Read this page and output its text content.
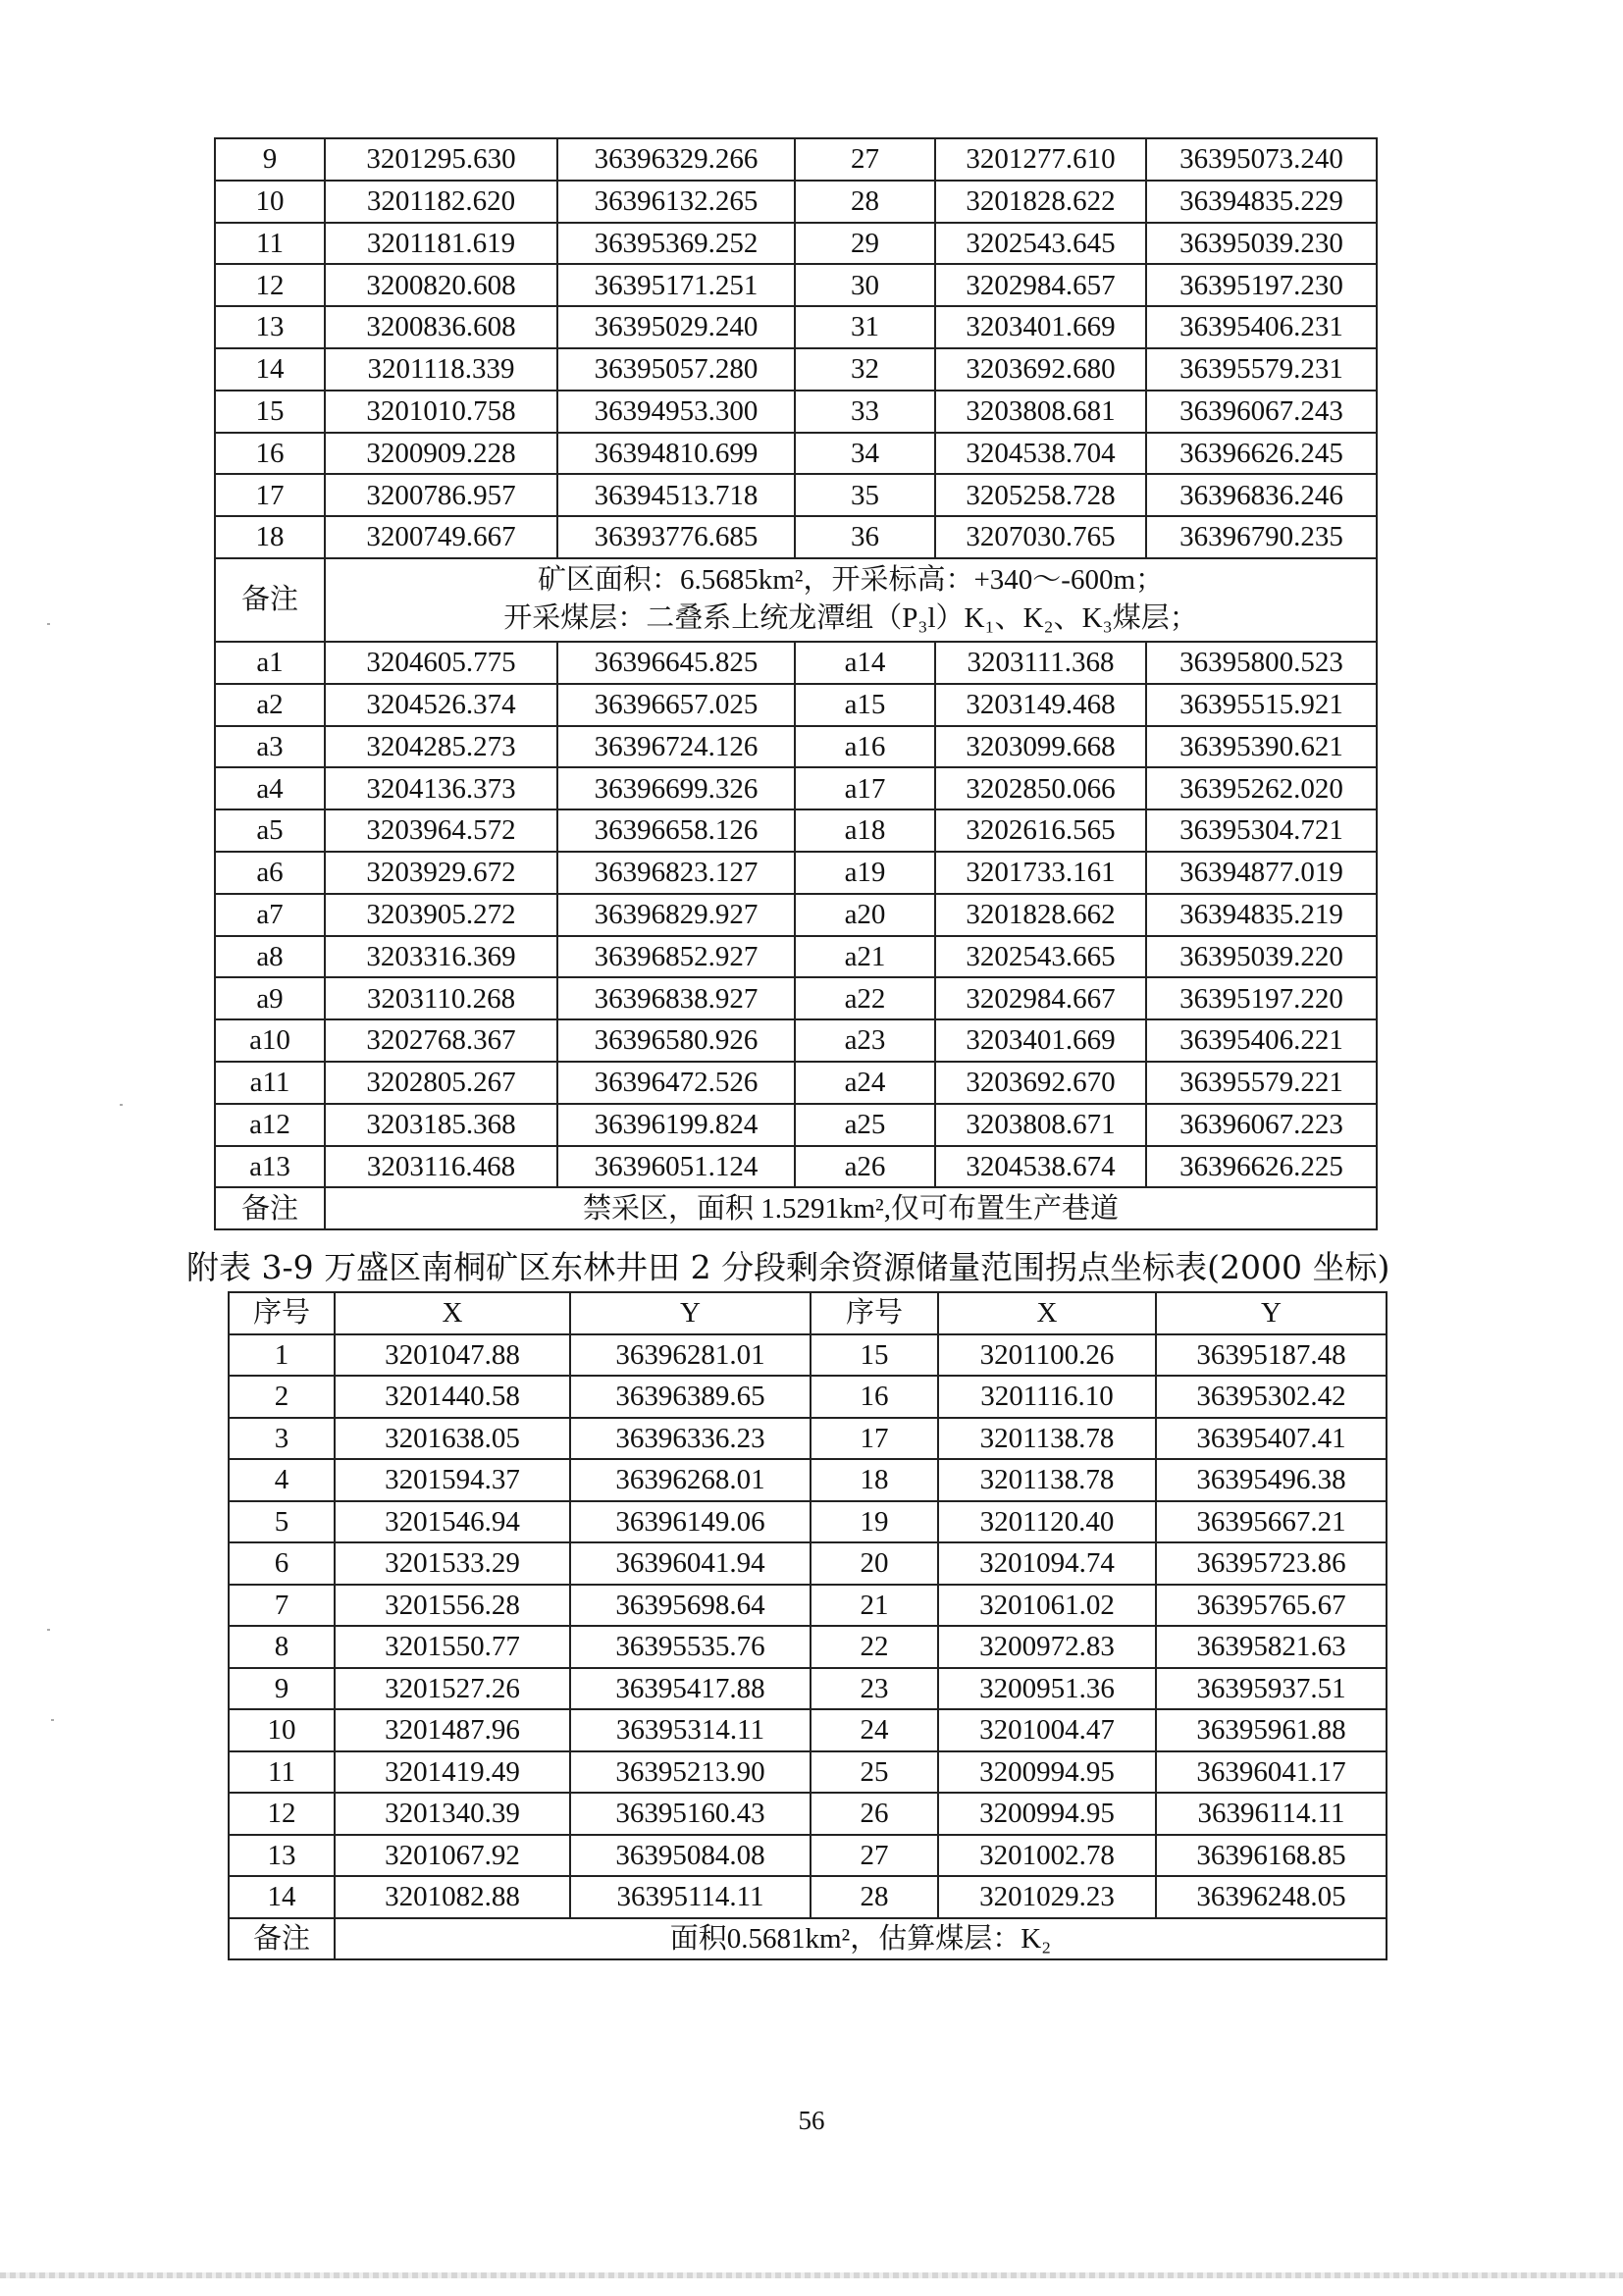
9	3201295.630	36396329.266	27	3201277.610	36395073.240
10	3201182.620	36396132.265	28	3201828.622	36394835.229
11	3201181.619	36395369.252	29	3202543.645	36395039.230
12	3200820.608	36395171.251	30	3202984.657	36395197.230
13	3200836.608	36395029.240	31	3203401.669	36395406.231
14	3201118.339	36395057.280	32	3203692.680	36395579.231
15	3201010.758	36394953.300	33	3203808.681	36396067.243
16	3200909.228	36394810.699	34	3204538.704	36396626.245
17	3200786.957	36394513.718	35	3205258.728	36396836.246
18	3200749.667	36393776.685	36	3207030.765	36396790.235
备注	矿区面积：6.5685km²，开采标高：+340～-600m；
开采煤层：二叠系上统龙潭组（P₃l）K₁、K₂、K₃煤层；				

a1	3204605.775	36396645.825	a14	3203111.368	36395800.523
a2	3204526.374	36396657.025	a15	3203149.468	36395515.921
a3	3204285.273	36396724.126	a16	3203099.668	36395390.621
a4	3204136.373	36396699.326	a17	3202850.066	36395262.020
a5	3203964.572	36396658.126	a18	3202616.565	36395304.721
a6	3203929.672	36396823.127	a19	3201733.161	36394877.019
a7	3203905.272	36396829.927	a20	3201828.662	36394835.219
a8	3203316.369	36396852.927	a21	3202543.665	36395039.220
a9	3203110.268	36396838.927	a22	3202984.667	36395197.220
a10	3202768.367	36396580.926	a23	3203401.669	36395406.221
a11	3202805.267	36396472.526	a24	3203692.670	36395579.221
a12	3203185.368	36396199.824	a25	3203808.671	36396067.223
a13	3203116.468	36396051.124	a26	3204538.674	36396626.225
备注	禁采区，面积 1.5291km²,仅可布置生产巷道				
附表 3-9 万盛区南桐矿区东林井田 2 分段剩余资源储量范围拐点坐标表(2000 坐标)
序号	X	Y	序号	X	Y
1	3201047.88	36396281.01	15	3201100.26	36395187.48
2	3201440.58	36396389.65	16	3201116.10	36395302.42
3	3201638.05	36396336.23	17	3201138.78	36395407.41
4	3201594.37	36396268.01	18	3201138.78	36395496.38
5	3201546.94	36396149.06	19	3201120.40	36395667.21
6	3201533.29	36396041.94	20	3201094.74	36395723.86
7	3201556.28	36395698.64	21	3201061.02	36395765.67
8	3201550.77	36395535.76	22	3200972.83	36395821.63
9	3201527.26	36395417.88	23	3200951.36	36395937.51
10	3201487.96	36395314.11	24	3201004.47	36395961.88
11	3201419.49	36395213.90	25	3200994.95	36396041.17
12	3201340.39	36395160.43	26	3200994.95	36396114.11
13	3201067.92	36395084.08	27	3201002.78	36396168.85
14	3201082.88	36395114.11	28	3201029.23	36396248.05
备注	面积0.5681km²，估算煤层：K₂				
56
